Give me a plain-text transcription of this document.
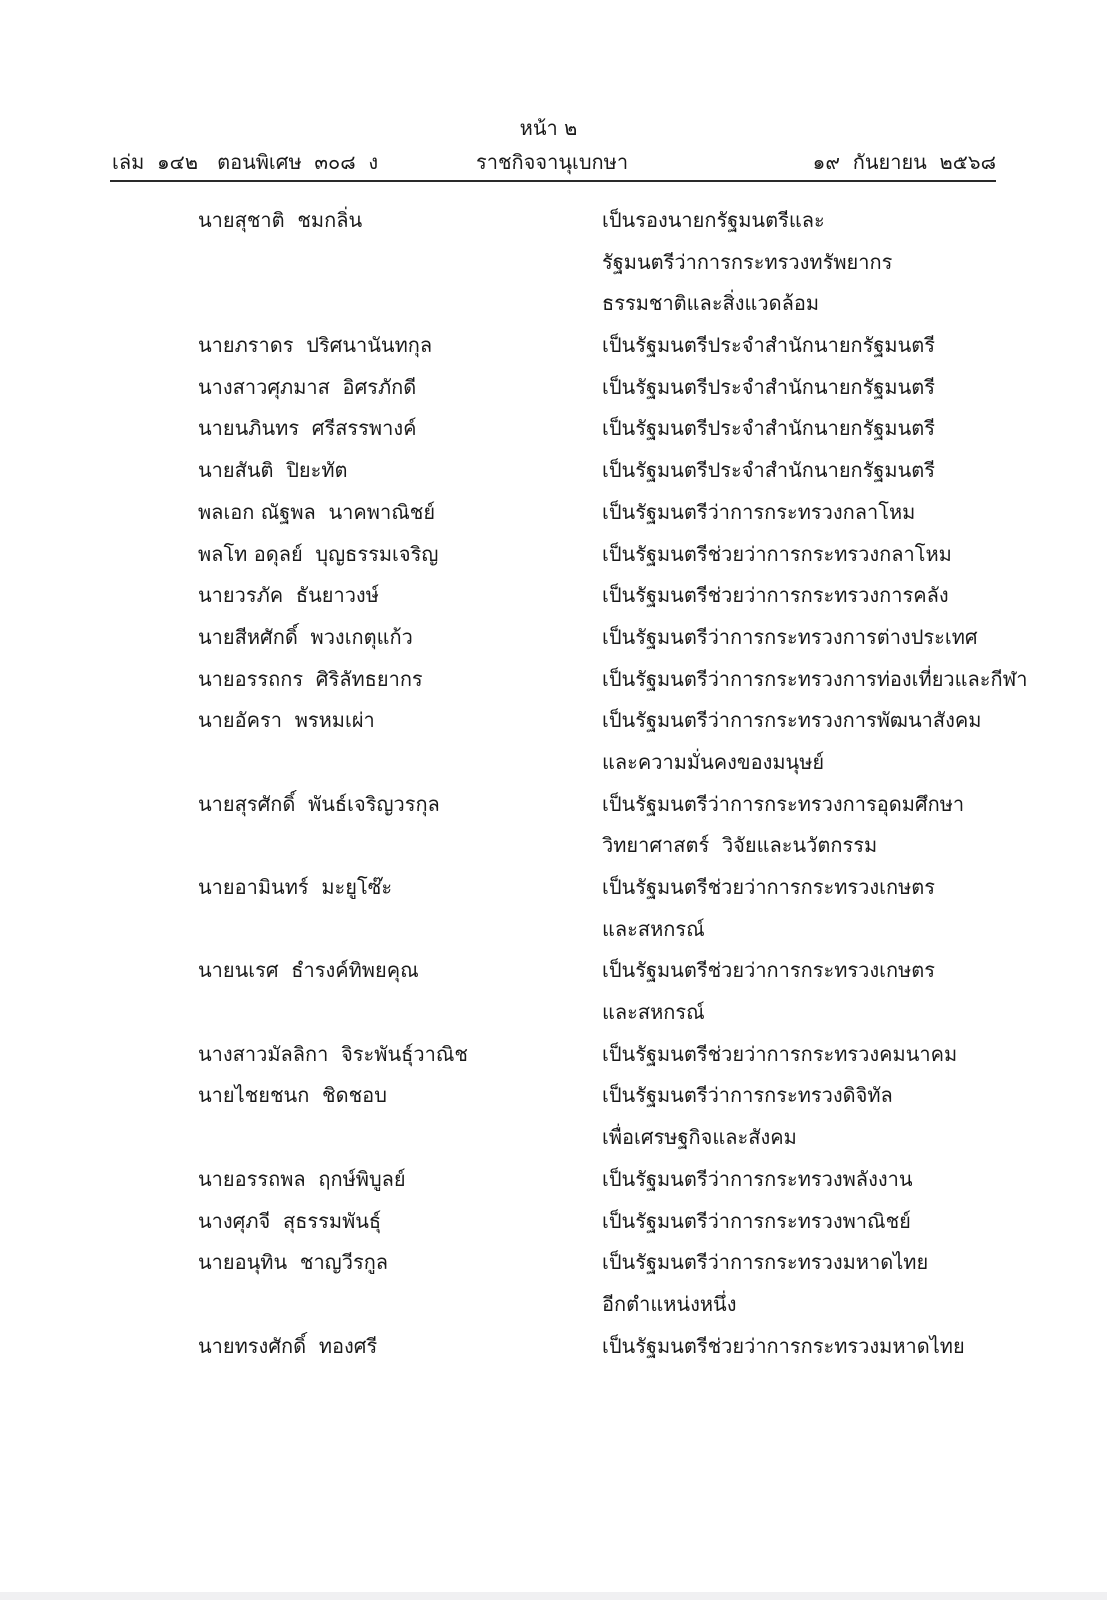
หน้า ๒
เล่ม  ๑๔๒   ตอนพิเศษ  ๓๐๘  ง	ราชกิจจานุเบกษา	๑๙  กันยายน  ๒๕๖๘
นายสุชาติ  ชมกลิ่น	เป็นรองนายกรัฐมนตรีและ
รัฐมนตรีว่าการกระทรวงทรัพยากร
ธรรมชาติและสิ่งแวดล้อม
นายภราดร  ปริศนานันทกุล	เป็นรัฐมนตรีประจำสำนักนายกรัฐมนตรี
นางสาวศุภมาส  อิศรภักดี	เป็นรัฐมนตรีประจำสำนักนายกรัฐมนตรี
นายนภินทร  ศรีสรรพางค์	เป็นรัฐมนตรีประจำสำนักนายกรัฐมนตรี
นายสันติ  ปิยะทัต	เป็นรัฐมนตรีประจำสำนักนายกรัฐมนตรี
พลเอก ณัฐพล  นาคพาณิชย์	เป็นรัฐมนตรีว่าการกระทรวงกลาโหม
พลโท อดุลย์  บุญธรรมเจริญ	เป็นรัฐมนตรีช่วยว่าการกระทรวงกลาโหม
นายวรภัค  ธันยาวงษ์	เป็นรัฐมนตรีช่วยว่าการกระทรวงการคลัง
นายสีหศักดิ์  พวงเกตุแก้ว	เป็นรัฐมนตรีว่าการกระทรวงการต่างประเทศ
นายอรรถกร  ศิริลัทธยากร	เป็นรัฐมนตรีว่าการกระทรวงการท่องเที่ยวและกีฬา
นายอัครา  พรหมเผ่า	เป็นรัฐมนตรีว่าการกระทรวงการพัฒนาสังคม
และความมั่นคงของมนุษย์
นายสุรศักดิ์  พันธ์เจริญวรกุล	เป็นรัฐมนตรีว่าการกระทรวงการอุดมศึกษา
วิทยาศาสตร์  วิจัยและนวัตกรรม
นายอามินทร์  มะยูโซ๊ะ	เป็นรัฐมนตรีช่วยว่าการกระทรวงเกษตร
และสหกรณ์
นายนเรศ  ธำรงค์ทิพยคุณ	เป็นรัฐมนตรีช่วยว่าการกระทรวงเกษตร
และสหกรณ์
นางสาวมัลลิกา  จิระพันธุ์วาณิช	เป็นรัฐมนตรีช่วยว่าการกระทรวงคมนาคม
นายไชยชนก  ชิดชอบ	เป็นรัฐมนตรีว่าการกระทรวงดิจิทัล
เพื่อเศรษฐกิจและสังคม
นายอรรถพล  ฤกษ์พิบูลย์	เป็นรัฐมนตรีว่าการกระทรวงพลังงาน
นางศุภจี  สุธรรมพันธุ์	เป็นรัฐมนตรีว่าการกระทรวงพาณิชย์
นายอนุทิน  ชาญวีรกูล	เป็นรัฐมนตรีว่าการกระทรวงมหาดไทย
อีกตำแหน่งหนึ่ง
นายทรงศักดิ์  ทองศรี	เป็นรัฐมนตรีช่วยว่าการกระทรวงมหาดไทย
